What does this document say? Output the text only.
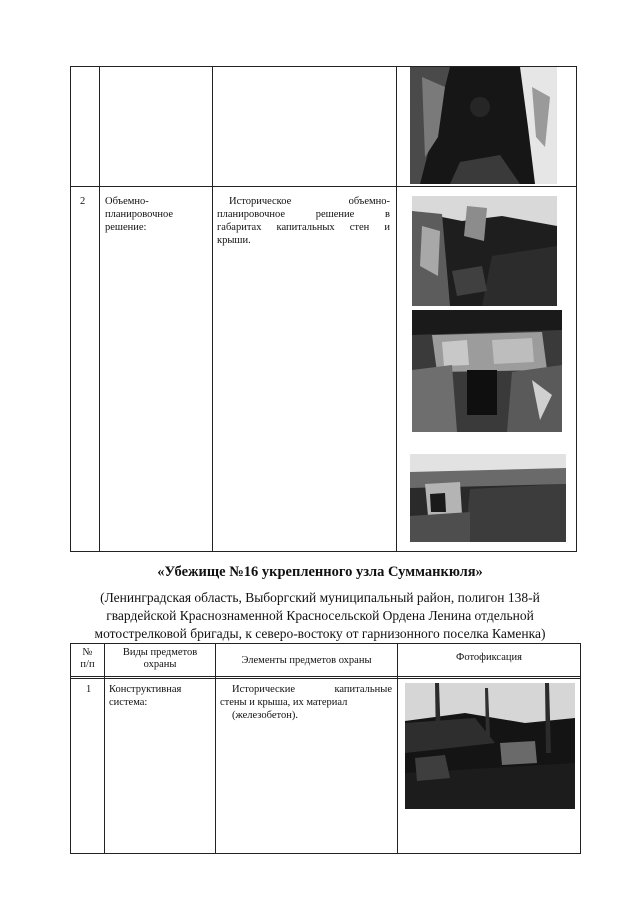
2 Объемно-
планировочное
решение:
Историческое объемно-
планировочное решение в
габаритах капитальных стен и
крыши.
«Убежище №16 укрепленного узла Сумманкюля»
(Ленинградская область, Выборгский муниципальный район, полигон 138-й
гвардейской Краснознаменной Красносельской Ордена Ленина отдельной
мотострелковой бригады, к северо-востоку от гарнизонного поселка Каменка)
№
п/п
Виды предметов
охраны	Элементы предметов охраны	Фотофиксация
1 Конструктивная
система:
Исторические капитальные
стены и крыша, их материал
(железобетон).
